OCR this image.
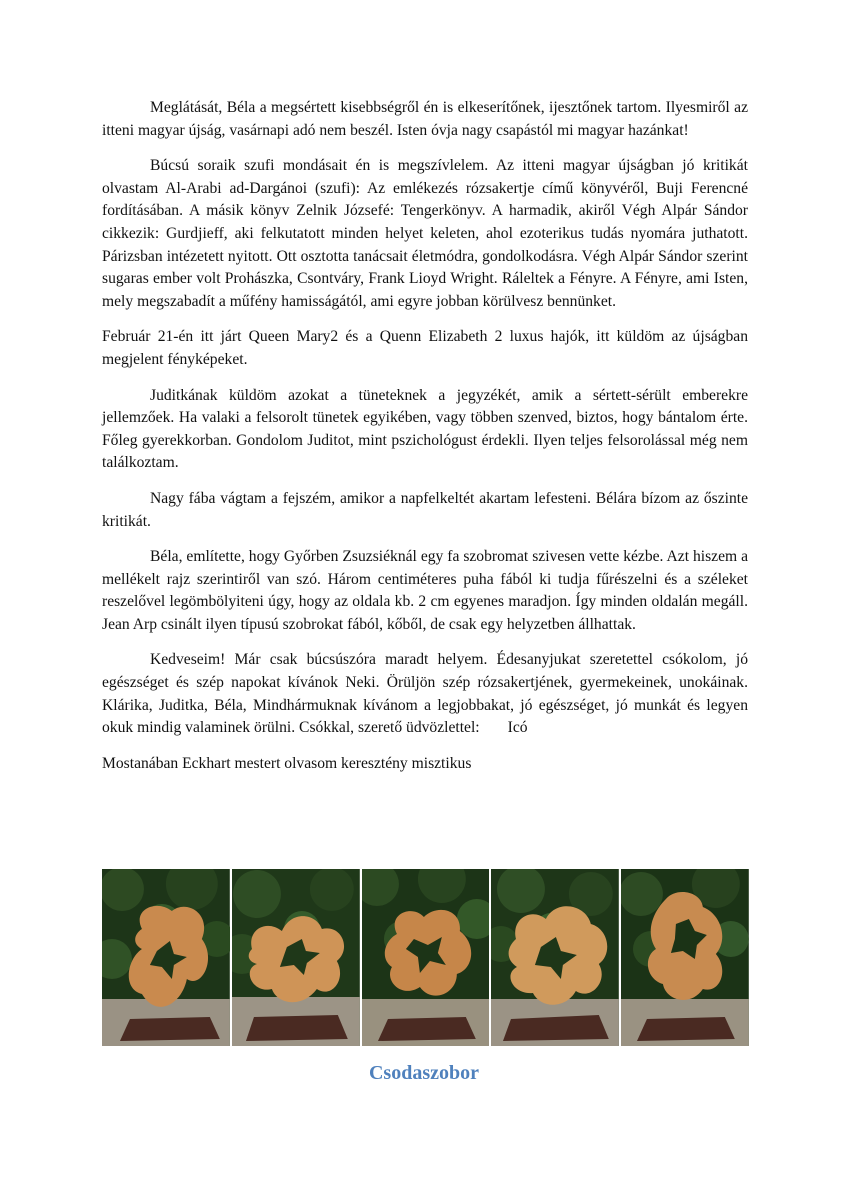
Meglátását, Béla a megsértett kisebbségről én is elkeserítőnek, ijesztőnek tartom. Ilyesmiről az itteni magyar újság, vasárnapi adó nem beszél. Isten óvja nagy csapástól mi magyar hazánkat!

Búcsú soraik szufi mondásait én is megszívlelem. Az itteni magyar újságban jó kritikát olvastam Al-Arabi ad-Dargánoi (szufi): Az emlékezés rózsakertje című könyvéről, Buji Ferencné fordításában. A másik könyv Zelnik Józsefé: Tengerkönyv. A harmadik, akiről Végh Alpár Sándor cikkezik: Gurdjieff, aki felkutatott minden helyet keleten, ahol ezoterikus tudás nyomára juthatott. Párizsban intézetett nyitott. Ott osztotta tanácsait életmódra, gondolkodásra. Végh Alpár Sándor szerint sugaras ember volt Prohászka, Csontváry, Frank Lioyd Wright. Ráleltek a Fényre. A Fényre, ami Isten, mely megszabadít a műfény hamisságától, ami egyre jobban körülvesz bennünket.

Február 21-én itt járt Queen Mary2 és a Quenn Elizabeth 2 luxus hajók, itt küldöm az újságban megjelent fényképeket.

Juditkának küldöm azokat a tüneteknek a jegyzékét, amik a sértett-sérült emberekre jellemzőek. Ha valaki a felsorolt tünetek egyikében, vagy többen szenved, biztos, hogy bántalom érte. Főleg gyerekkorban. Gondolom Juditot, mint pszichológust érdekli. Ilyen teljes felsorolással még nem találkoztam.

Nagy fába vágtam a fejszém, amikor a napfelkeltét akartam lefesteni. Bélára bízom az őszinte kritikát.

Béla, említette, hogy Győrben Zsuzsiéknál egy fa szobromat szivesen vette kézbe. Azt hiszem a mellékelt rajz szerintiről van szó. Három centiméteres puha fából ki tudja fűrészelni és a széleket reszelővel legömbölyiteni úgy, hogy az oldala kb. 2 cm egyenes maradjon. Így minden oldalán megáll. Jean Arp csinált ilyen típusú szobrokat fából, kőből, de csak egy helyzetben állhattak.

Kedveseim! Már csak búcsúszóra maradt helyem. Édesanyjukat szeretettel csókolom, jó egészséget és szép napokat kívánok Neki. Örüljön szép rózsakertjének, gyermekeinek, unokáinak. Klárika, Juditka, Béla, Mindhármuknak kívánom a legjobbakat, jó egészséget, jó munkát és legyen okuk mindig valaminek örülni. Csókkal, szerető üdvözlettel: Icó

Mostanában Eckhart mestert olvasom keresztény misztikus

Csodaszobor
